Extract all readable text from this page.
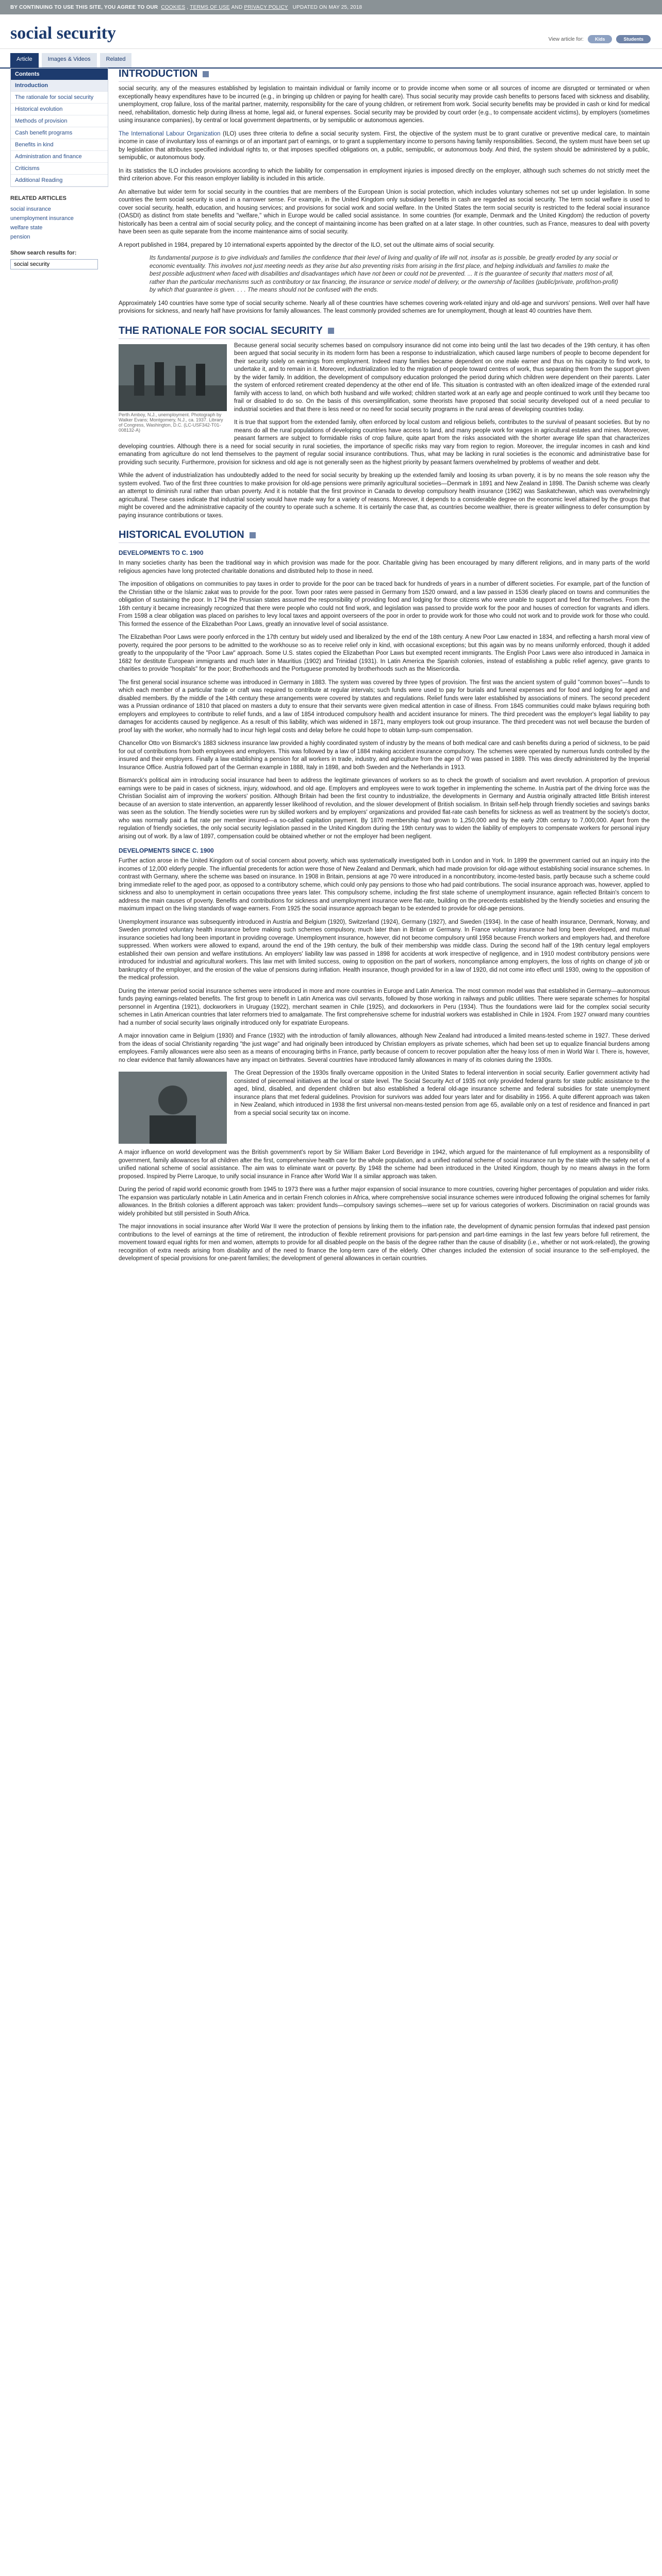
BY CONTINUING TO USE THIS SITE, YOU AGREE TO OUR COOKIES , TERMS OF USE AND PRIVACY POLICY UPDATED ON MAY 25, 2018
social security	View article for:	Kids	Students
Article	Images & Videos	Related
Contents
Introduction
The rationale for social security
Historical evolution
Methods of provision
Cash benefit programs
Benefits in kind
Administration and finance
Criticisms
Additional Reading
RELATED ARTICLES
social insurance
unemployment insurance
welfare state
pension
Show search results for:
social security
INTRODUCTION

social security, any of the measures established by legislation to maintain individual or family income or to provide income when some or all sources of income are disrupted or terminated or when exceptionally heavy expenditures have to be incurred (e.g., in bringing up children or paying for health care). Thus social security may provide cash benefits to persons faced with sickness and disability, unemployment, crop failure, loss of the marital partner, maternity, responsibility for the care of young children, or retirement from work. Social security benefits may be provided in cash or kind for medical need, rehabilitation, domestic help during illness at home, legal aid, or funeral expenses. Social security may be provided by court order (e.g., to compensate accident victims), by employers (sometimes using insurance companies), by central or local government departments, or by semipublic or autonomous agencies.

The International Labour Organization (ILO) uses three criteria to define a social security system. First, the objective of the system must be to grant curative or preventive medical care, to maintain income in case of involuntary loss of earnings or of an important part of earnings, or to grant a supplementary income to persons having family responsibilities. Second, the system must have been set up by legislation that attributes specified individual rights to, or that imposes specified obligations on, a public, semipublic, or autonomous body. And third, the system should be administered by a public, semipublic, or autonomous body.

In its statistics the ILO includes provisions according to which the liability for compensation in employment injuries is imposed directly on the employer, although such schemes do not strictly meet the third criterion above. For this reason employer liability is included in this article.

An alternative but wider term for social security in the countries that are members of the European Union is social protection, which includes voluntary schemes not set up under legislation. In some countries the term social security is used in a narrower sense. For example, in the United Kingdom only subsidiary benefits in cash are regarded as social security. The term social welfare is used to cover social security, health, education, and housing services; and provisions for social work and social welfare. In the United States the term social security is restricted to the federal social insurance (OASDI) as distinct from state benefits and "welfare," which in Europe would be called social assistance. In some countries (for example, Denmark and the United Kingdom) the reduction of poverty historically has been a central aim of social security policy, and the concept of maintaining income has been grafted on at a later stage. In other countries, such as France, measures to deal with poverty have been seen as quite separate from the income maintenance aims of social security.

A report published in 1984, prepared by 10 international experts appointed by the director of the ILO, set out the ultimate aims of social security.

Its fundamental purpose is to give individuals and families the confidence that their level of living and quality of life will not, insofar as is possible, be greatly eroded by any social or economic eventuality. This involves not just meeting needs as they arise but also preventing risks from arising in the first place, and helping individuals and families to make the best possible adjustment when faced with disabilities and disadvantages which have not been or could not be prevented. ... It is the guarantee of security that matters most of all, rather than the particular mechanisms such as contributory or tax financing, the insurance or service model of delivery, or the ownership of facilities (public/private, profit/non-profit) by which that guarantee is given. . . . The means should not be confused with the ends.

Approximately 140 countries have some type of social security scheme. Nearly all of these countries have schemes covering work-related injury and old-age and survivors' pensions. Well over half have provisions for sickness, and nearly half have provisions for family allowances. The least commonly provided schemes are for unemployment, though at least 40 countries have them.

THE RATIONALE FOR SOCIAL SECURITY
Perth Amboy, N.J., unemployment. Photograph by Walker Evans; Montgomery, N.J., ca. 1937. Library of Congress, Washington, D.C. (LC-USF342-T01-008132-A)

Because general social security schemes based on compulsory insurance did not come into being until the last two decades of the 19th century, it has often been argued that social security in its modern form has been a response to industrialization, which caused large numbers of people to become dependent for their security solely on earnings from employment. Indeed many families became dependent on one male earner and thus on his capacity to find work, to undertake it, and to remain in it. Moreover, industrialization led to the migration of people toward centres of work, thus separating them from the support given by the wider family. In addition, the development of compulsory education prolonged the period during which children were dependent on their parents. Later the system of enforced retirement created dependency at the other end of life. This situation is contrasted with an often idealized image of the extended rural family with access to land, on which both husband and wife worked; children started work at an early age and people continued to work until they became too frail or disabled to do so. On the basis of this oversimplification, some theorists have proposed that social security developed out of a need peculiar to industrial societies and that there is less need or no need for social security programs in the rural areas of developing countries today.

It is true that support from the extended family, often enforced by local custom and religious beliefs, contributes to the survival of peasant societies. But by no means do all the rural populations of developing countries have access to land, and many people work for wages in agricultural estates and mines. Moreover, peasant farmers are subject to formidable risks of crop failure, quite apart from the risks associated with the shorter average life span that characterizes developing countries. Although there is a need for social security in rural societies, the importance of specific risks may vary from region to region. Moreover, the irregular incomes in cash and kind emanating from agriculture do not lend themselves to the payment of regular social insurance contributions. Thus, what may be lacking in rural societies is the economic and administrative base for providing such security. Furthermore, provision for sickness and old age is not generally seen as the highest priority by peasant farmers overwhelmed by problems of weather and debt.

While the advent of industrialization has undoubtedly added to the need for social security by breaking up the extended family and loosing its urban poverty, it is by no means the sole reason why the system evolved. Two of the first three countries to make provision for old-age pensions were primarily agricultural societies—Denmark in 1891 and New Zealand in 1898. The Danish scheme was clearly an attempt to diminish rural rather than urban poverty. And it is notable that the first province in Canada to develop compulsory health insurance (1962) was Saskatchewan, which was overwhelmingly agricultural. These cases indicate that industrial society would have made way for a variety of reasons. Moreover, it depends to a considerable degree on the economic level attained by the groups that might be covered and the administrative capacity of the country to operate such a scheme. It is certainly the case that, as countries become wealthier, there is greater willingness to defer consumption by paying insurance contributions or taxes.

HISTORICAL EVOLUTION
DEVELOPMENTS TO C. 1900

In many societies charity has been the traditional way in which provision was made for the poor. Charitable giving has been encouraged by many different religions, and in many parts of the world religious agencies have long protected charitable donations and distributed help to those in need.

The imposition of obligations on communities to pay taxes in order to provide for the poor can be traced back for hundreds of years in a number of different societies. For example, part of the function of the Christian tithe or the Islamic zakat was to provide for the poor. Town poor rates were passed in Germany from 1520 onward, and a law passed in 1536 clearly placed on towns and communities the obligation of sustaining the poor. In 1794 the Prussian states assumed the responsibility of providing food and lodging for those citizens who were unable to support and feed for themselves. From the 16th century it became increasingly recognized that there were people who could not find work, and legislation was passed to provide work for the poor and houses of correction for vagrants and idlers. From 1598 a clear obligation was placed on parishes to levy local taxes and appoint overseers of the poor in order to provide work for those who could not work and to provide work for those who could. This formed the essence of the Elizabethan Poor Laws, greatly an innovative level of social assistance.

The Elizabethan Poor Laws were poorly enforced in the 17th century but widely used and liberalized by the end of the 18th century. A new Poor Law enacted in 1834, and reflecting a harsh moral view of poverty, required the poor persons to be admitted to the workhouse so as to receive relief only in kind, with occasional exceptions; but this again was by no means uniformly enforced, though it added greatly to the unpopularity of the "Poor Law" approach. Some U.S. states copied the Elizabethan Poor Laws but exempted recent immigrants. The English Poor Laws were also introduced in Jamaica in 1682 for destitute European immigrants and much later in Mauritius (1902) and Trinidad (1931). In Latin America the Spanish colonies, instead of establishing a public relief agency, gave grants to charities to provide "hospitals" for the poor; Brotherhoods and the Portuguese promoted by brotherhoods such as the Misericordia.

The first general social insurance scheme was introduced in Germany in 1883. The system was covered by three types of provision. The first was the ancient system of guild "common boxes"—funds to which each member of a particular trade or craft was required to contribute at regular intervals; such funds were used to pay for burials and funeral expenses and for food and lodging for aged and disabled members. By the middle of the 14th century these arrangements were covered by statutes and regulations. Relief funds were later established by associations of miners. The second precedent was a Prussian ordinance of 1810 that placed on masters a duty to ensure that their servants were given medical attention in case of illness. From 1845 communities could make bylaws requiring both employers and employees to contribute to relief funds, and a law of 1854 introduced compulsory health and accident insurance for miners. The third precedent was the employer's legal liability to pay damages for accidents caused by negligence. As a result of this liability, which was widened in 1871, many employers took out group insurance. The third precedent was not well because the burden of proof lay with the worker, who normally had to incur high legal costs and delay before he could hope to obtain lump-sum compensation.

Chancellor Otto von Bismarck's 1883 sickness insurance law provided a highly coordinated system of industry by the means of both medical care and cash benefits during a period of sickness, to be paid for out of contributions from both employees and employers. This was followed by a law of 1884 making accident insurance compulsory. The schemes were operated by numerous funds controlled by the insured and their employers. Finally a law establishing a pension for all workers in trade, industry, and agriculture from the age of 70 was passed in 1889. This was directly administered by the Imperial Insurance Office. Austria followed part of the German example in 1888, Italy in 1898, and both Sweden and the Netherlands in 1913.

Bismarck's political aim in introducing social insurance had been to address the legitimate grievances of workers so as to check the growth of socialism and avert revolution. A proportion of previous earnings were to be paid in cases of sickness, injury, widowhood, and old age. Employers and employees were to work together in implementing the scheme. In Austria part of the driving force was the Christian Socialist aim of improving the workers' position. Although Britain had been the first country to industrialize, the developments in Germany and Austria originally attracted little British interest because of an aversion to state intervention, an apparently lesser likelihood of revolution, and the slower development of British socialism. In Britain self-help through friendly societies and savings banks was seen as the solution. The friendly societies were run by skilled workers and by employers' organizations and provided flat-rate cash benefits for sickness as well as treatment by the society's doctor, who was normally paid a flat rate per member insured—a so-called capitation payment. By 1870 membership had grown to 1,250,000 and by the early 20th century to 7,000,000. Apart from the regulation of friendly societies, the only social security legislation passed in the United Kingdom during the 19th century was to widen the liability of employers to compensate workers for personal injury arising out of work. By a law of 1897, compensation could be obtained whether or not the employer had been negligent.

DEVELOPMENTS SINCE C. 1900

Further action arose in the United Kingdom out of social concern about poverty, which was systematically investigated both in London and in York. In 1899 the government carried out an inquiry into the incomes of 12,000 elderly people. The influential precedents for action were those of New Zealand and Denmark, which had made provision for old-age without establishing social insurance schemes. In contrast with Germany, where the scheme was based on insurance. In 1908 in Britain, pensions at age 70 were introduced in a noncontributory, income-tested basis, partly because such a scheme could bring immediate relief to the aged poor, as opposed to a contributory scheme, which could only pay pensions to those who had paid contributions. The social insurance approach was, however, applied to sickness and also to unemployment in certain occupations three years later. This compulsory scheme, including the first state scheme of unemployment insurance, again reflected Britain's concern to address the main causes of poverty. Benefits and contributions for sickness and unemployment insurance were flat-rate, building on the precedents established by the friendly societies and ensuring the maximum impact on the living standards of wage earners. From 1925 the social insurance approach began to be extended to provide for old-age pensions.

Unemployment insurance was subsequently introduced in Austria and Belgium (1920), Switzerland (1924), Germany (1927), and Sweden (1934). In the case of health insurance, Denmark, Norway, and Sweden promoted voluntary health insurance before making such schemes compulsory, much later than in Britain or Germany. In France voluntary insurance had long been developed, and mutual insurance societies had long been important in providing coverage. Unemployment insurance, however, did not become compulsory until 1958 because French workers and employers had, and therefore suppressed. When workers were allowed to expand, around the end of the 19th century, the bulk of their membership was middle class. During the second half of the 19th century legal employers established their own pension and welfare institutions. An employers' liability law was passed in 1898 for accidents at work irrespective of negligence, and in 1910 modest contributory pensions were introduced for industrial and agricultural workers. This law met with limited success, owing to opposition on the part of workers, noncompliance among employers, the loss of rights on change of job or bankruptcy of the employer, and the erosion of the value of pensions during inflation. Health insurance, though provided for in a law of 1920, did not come into effect until 1930, owing to the opposition of the medical profession.

During the interwar period social insurance schemes were introduced in more and more countries in Europe and Latin America. The most common model was that established in Germany—autonomous funds paying earnings-related benefits. The first group to benefit in Latin America was civil servants, followed by those working in railways and public utilities. There were separate schemes for hospital personnel in Argentina (1921), dockworkers in Uruguay (1922), merchant seamen in Chile (1925), and dockworkers in Peru (1934). Thus the foundations were laid for the complex social security schemes in Latin American countries that later reformers tried to amalgamate. The first comprehensive scheme for industrial workers was established in Chile in 1924. From 1927 onward many countries had a number of social security laws originally introduced only for expatriate Europeans.

A major innovation came in Belgium (1930) and France (1932) with the introduction of family allowances, although New Zealand had introduced a limited means-tested scheme in 1927. These derived from the ideas of social Christianity regarding "the just wage" and had originally been introduced by Christian employers as private schemes, which had been set up to equalize financial burdens among employees. Family allowances were also seen as a means of encouraging births in France, partly because of concern to recover population after the heavy loss of men in World War I. There is, however, no clear evidence that family allowances have any impact on birthrates. Several countries have introduced family allowances in many of its colonies during the 1930s.

The Great Depression of the 1930s finally overcame opposition in the United States to federal intervention in social security. Earlier government activity had consisted of piecemeal initiatives at the local or state level. The Social Security Act of 1935 not only provided federal grants for state public assistance to the aged, blind, disabled, and dependent children but also established a federal old-age insurance scheme and federal subsidies for state unemployment insurance plans that met federal guidelines. Provision for survivors was added four years later and for disability in 1956. A quite different approach was taken in New Zealand, which introduced in 1938 the first universal non-means-tested pension from age 65, available only on a test of residence and financed in part from a special social security tax on income.

A major influence on world development was the British government's report by Sir William Baker Lord Beveridge in 1942, which argued for the maintenance of full employment as a responsibility of government, family allowances for all children after the first, comprehensive health care for the whole population, and a unified national scheme of social insurance run by the state with the safety net of a unified national scheme of social assistance. The aim was to eliminate want or poverty. By 1948 the scheme had been introduced in the United Kingdom, though by no means always in the form proposed. Inspired by Pierre Laroque, to unify social insurance in France after World War II a similar approach was taken.

During the period of rapid world economic growth from 1945 to 1973 there was a further major expansion of social insurance to more countries, covering higher percentages of population and wider risks. The expansion was particularly notable in Latin America and in certain French colonies in Africa, where comprehensive social insurance schemes were introduced following the original schemes for family allowances. In the British colonies a different approach was taken: provident funds—compulsory savings schemes—were set up for various categories of workers. Discrimination on racial grounds was widely prohibited but still persisted in South Africa.

The major innovations in social insurance after World War II were the protection of pensions by linking them to the inflation rate, the development of dynamic pension formulas that indexed past pension contributions to the level of earnings at the time of retirement, the introduction of flexible retirement provisions for part-pension and part-time earnings in the last few years before full retirement, the movement toward equal rights for men and women, attempts to provide for all disabled people on the basis of the degree rather than the cause of disability (i.e., whether or not work-related), the growing recognition of extra needs arising from disability and of the need to finance the long-term care of the elderly. Other changes included the extension of social insurance to the self-employed, the development of special provisions for one-parent families; the development of general allowances in certain countries.
